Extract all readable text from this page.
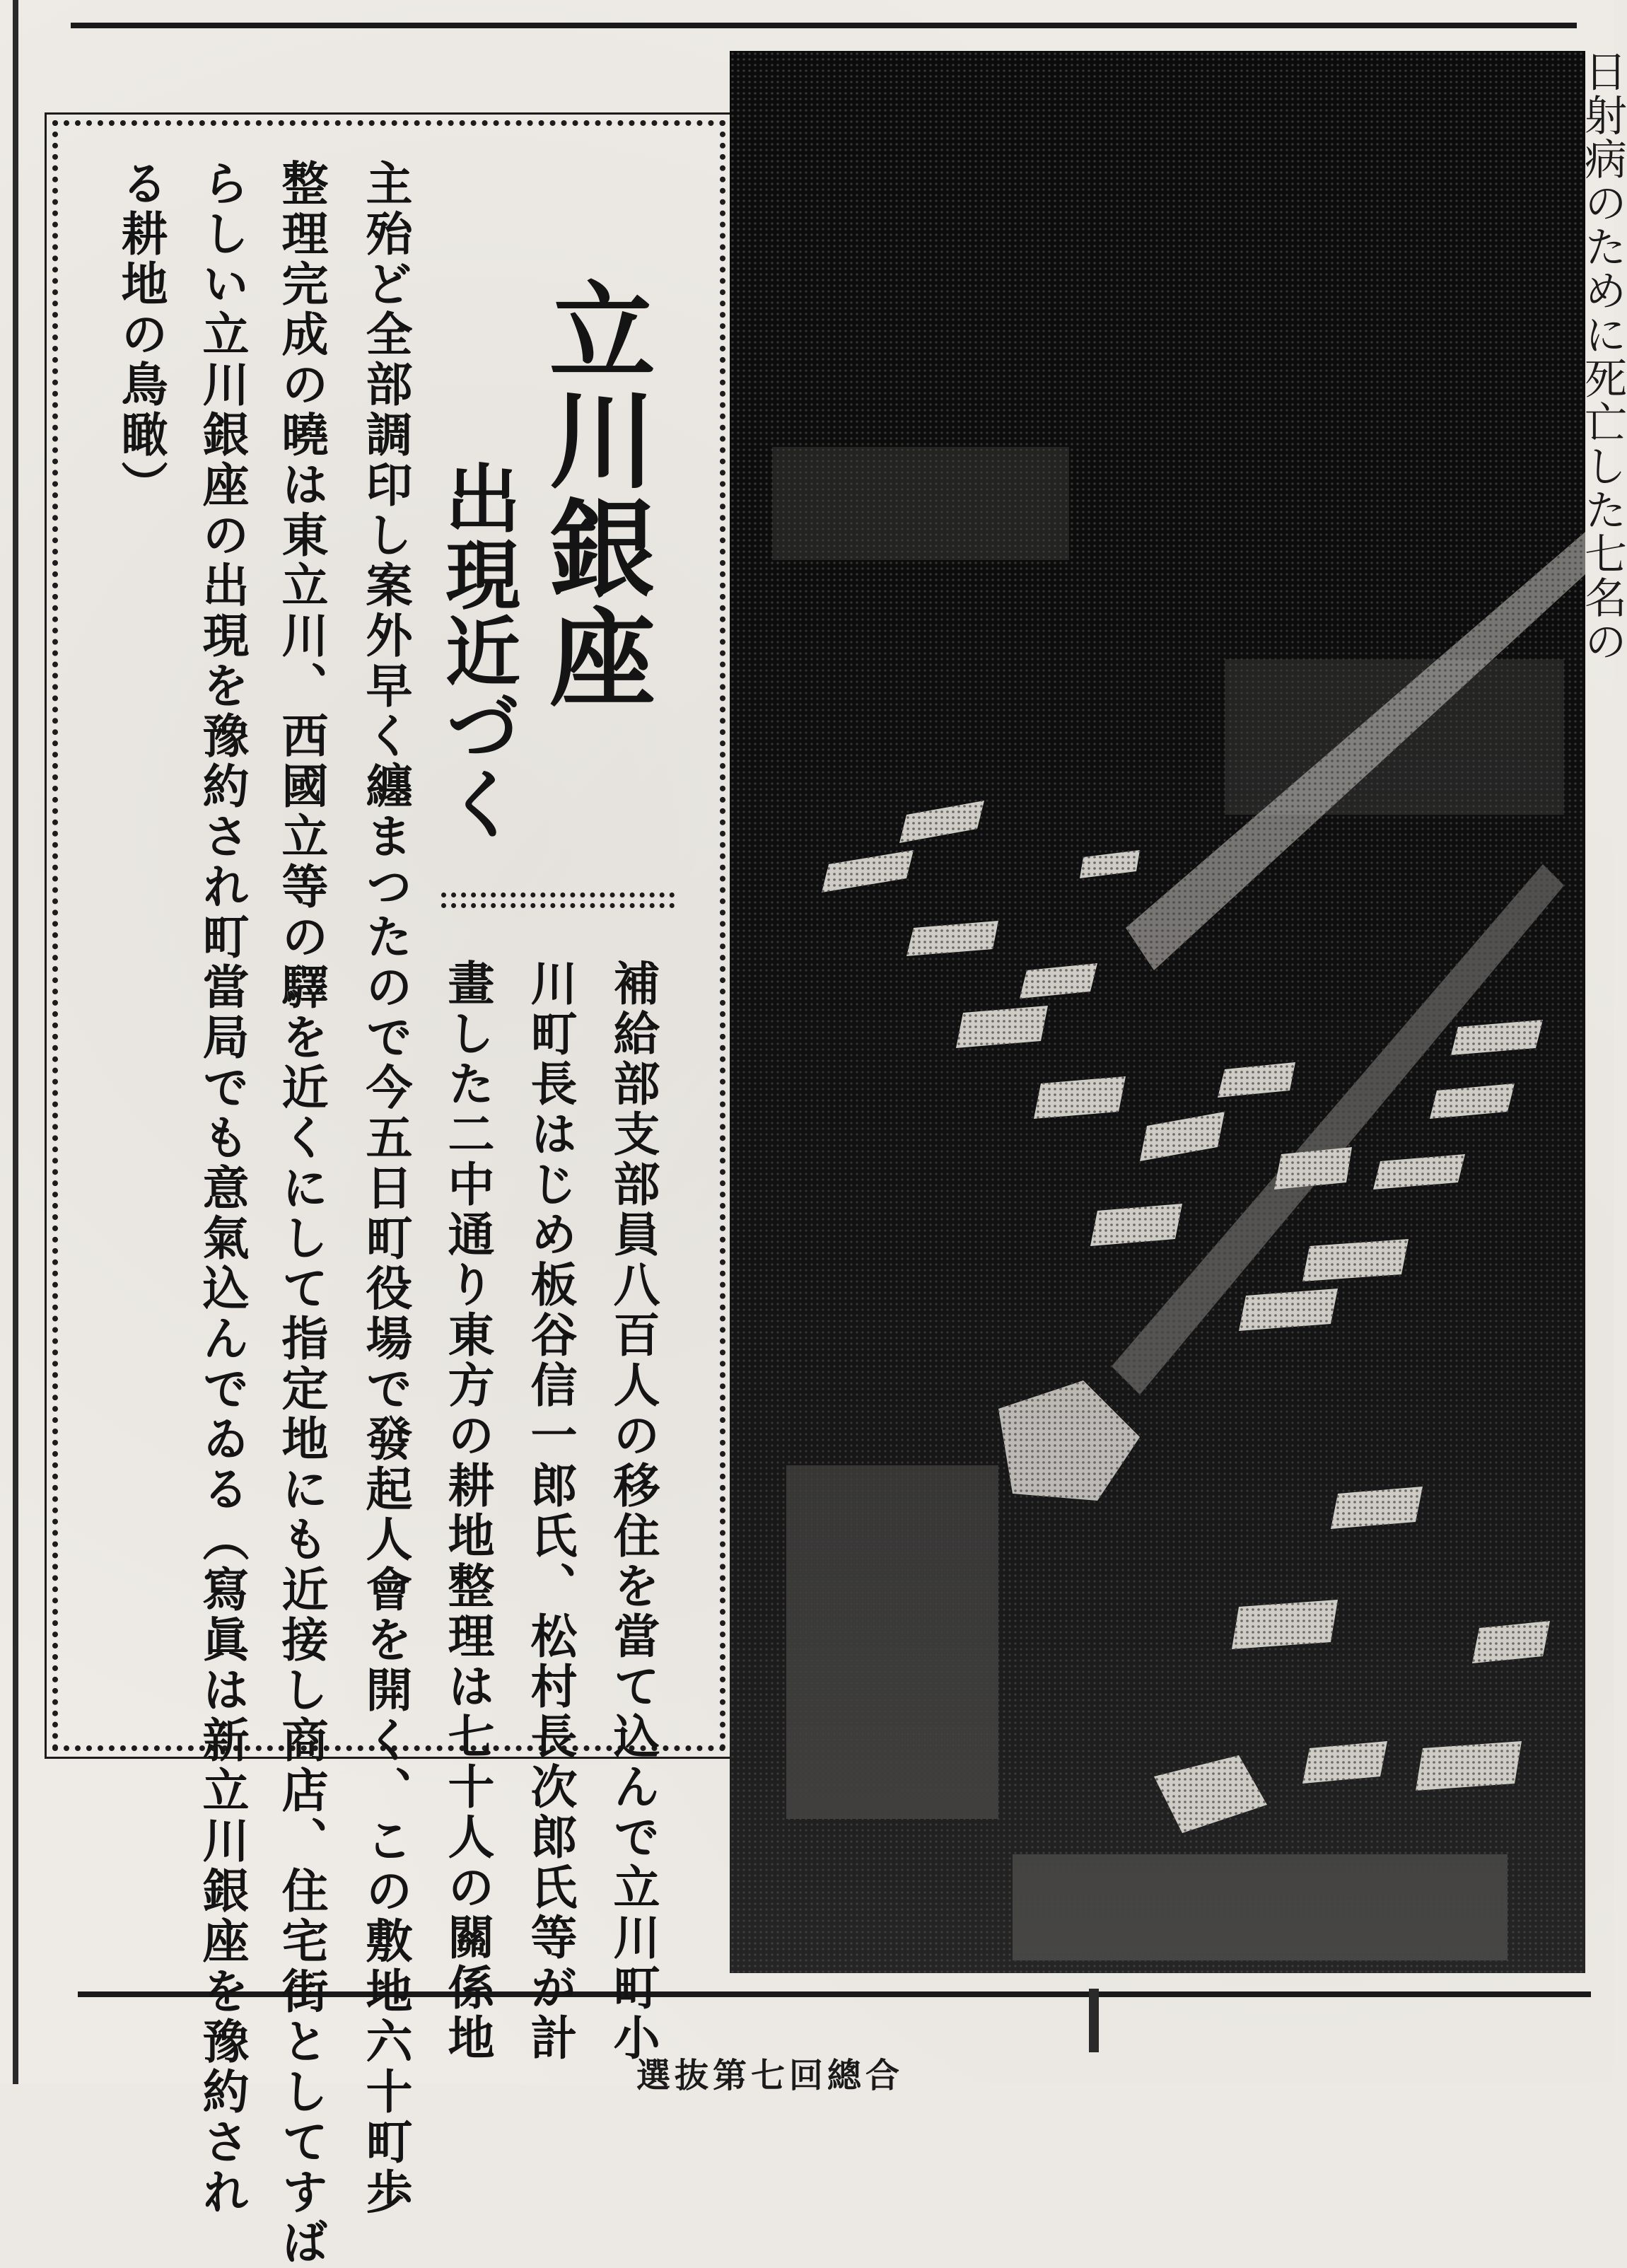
立川銀座
出現近づく
補給部支部員八百人の移住を當て込んで立川町小
川町長はじめ板谷信一郎氏、松村長次郎氏等が計
畫した二中通り東方の耕地整理は七十人の關係地
主殆ど全部調印し案外早く纏まつたので今五日町役場で發起人會を開く、この敷地六十町歩
整理完成の曉は東立川、西國立等の驛を近くにして指定地にも近接し商店、住宅街としてすば
らしい立川銀座の出現を豫約され町當局でも意氣込んでゐる（寫眞は新立川銀座を豫約され
る耕地の鳥瞰）	日射病のために死亡した七名の
選抜第七回總合
